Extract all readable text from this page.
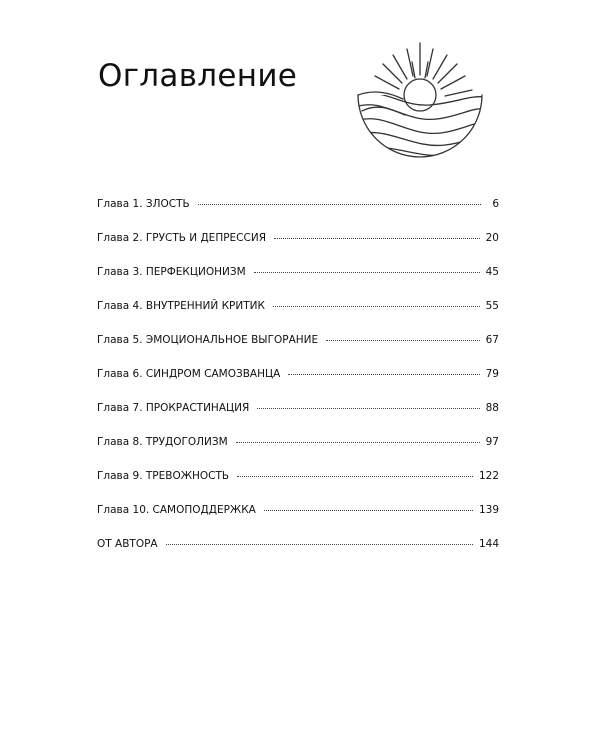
Оглавление
Глава 1. ЗЛОСТЬ	6
Глава 2. ГРУСТЬ И ДЕПРЕССИЯ	20
Глава 3. ПЕРФЕКЦИОНИЗМ	45
Глава 4. ВНУТРЕННИЙ КРИТИК	55
Глава 5. ЭМОЦИОНАЛЬНОЕ ВЫГОРАНИЕ	67
Глава 6. СИНДРОМ САМОЗВАНЦА	79
Глава 7. ПРОКРАСТИНАЦИЯ	88
Глава 8. ТРУДОГОЛИЗМ	97
Глава 9. ТРЕВОЖНОСТЬ	122
Глава 10. САМОПОДДЕРЖКА	139
ОТ АВТОРА	144
